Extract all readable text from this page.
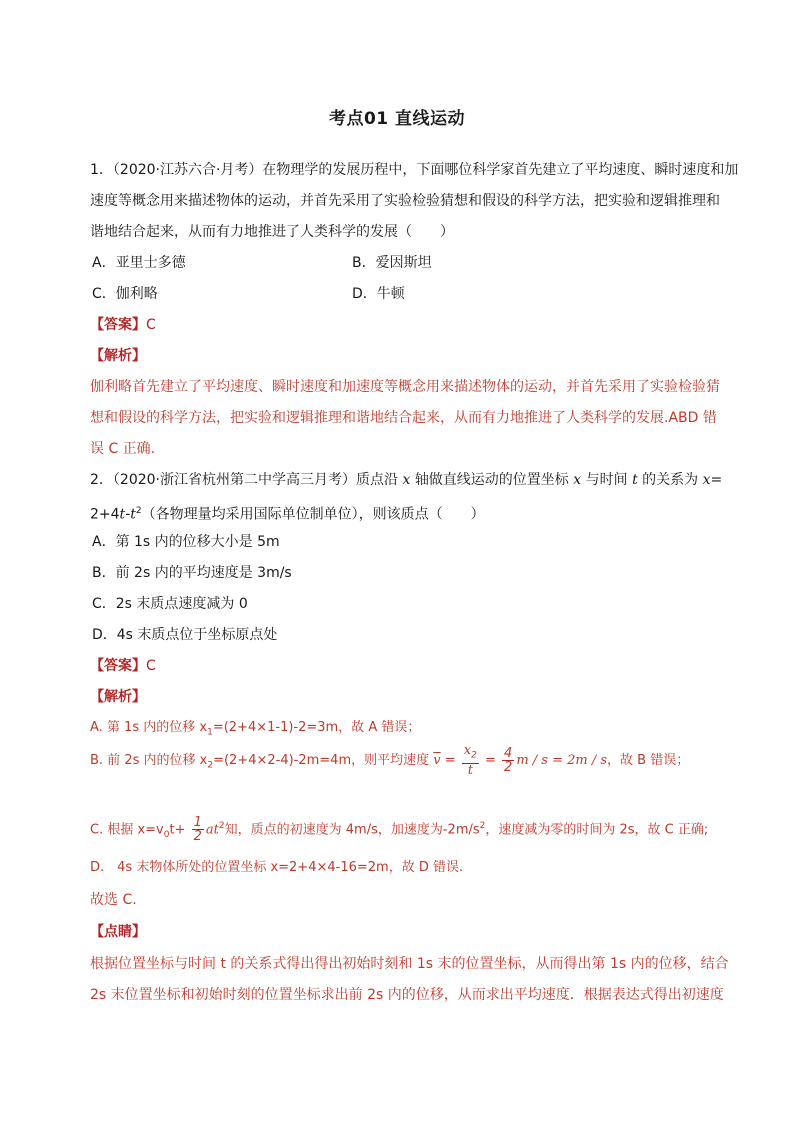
考点01 直线运动
1．（2020·江苏六合·月考）在物理学的发展历程中，下面哪位科学家首先建立了平均速度、瞬时速度和加
速度等概念用来描述物体的运动，并首先采用了实验检验猜想和假设的科学方法，把实验和逻辑推理和
谐地结合起来，从而有力地推进了人类科学的发展（　　）
A．亚里士多德	B．爱因斯坦
C．伽利略	D．牛顿
【答案】C
【解析】
伽利略首先建立了平均速度、瞬时速度和加速度等概念用来描述物体的运动，并首先采用了实验检验猜
想和假设的科学方法，把实验和逻辑推理和谐地结合起来，从而有力地推进了人类科学的发展.ABD 错
误 C 正确.
2．（2020·浙江省杭州第二中学高三月考）质点沿 x 轴做直线运动的位置坐标 x 与时间 t 的关系为 x=
$2+4t-t^2$（各物理量均采用国际单位制单位），则该质点（　　）
A．第 1s 内的位移大小是 5m
B．前 2s 内的平均速度是 3m/s
C．2s 末质点速度减为 0
D．4s 末质点位于坐标原点处
【答案】C
【解析】
A. 第 1s 内的位移 $x_1=(2+4\times 1-1)-2=3m$，故 A 错误；
B. 前 2s 内的位移 $x_2=(2+4\times 2-4)-2m=4m$，则平均速度 $\overline{v} = \frac{x_2}{t} = \frac{4}{2}$ m / s = 2m / s，故 B 错误；
C. 根据 $x=v_0t+ \frac{1}{2} at^2$知，质点的初速度为 4m/s，加速度为$-2m/s^2$，速度减为零的时间为 2s，故 C 正确;
D.　4s 末物体所处的位置坐标 x=2+4×4-16=2m，故 D 错误.
故选 C.
【点睛】
根据位置坐标与时间 t 的关系式得出得出初始时刻和 1s 末的位置坐标，从而得出第 1s 内的位移，结合
2s 末位置坐标和初始时刻的位置坐标求出前 2s 内的位移，从而求出平均速度．根据表达式得出初速度
